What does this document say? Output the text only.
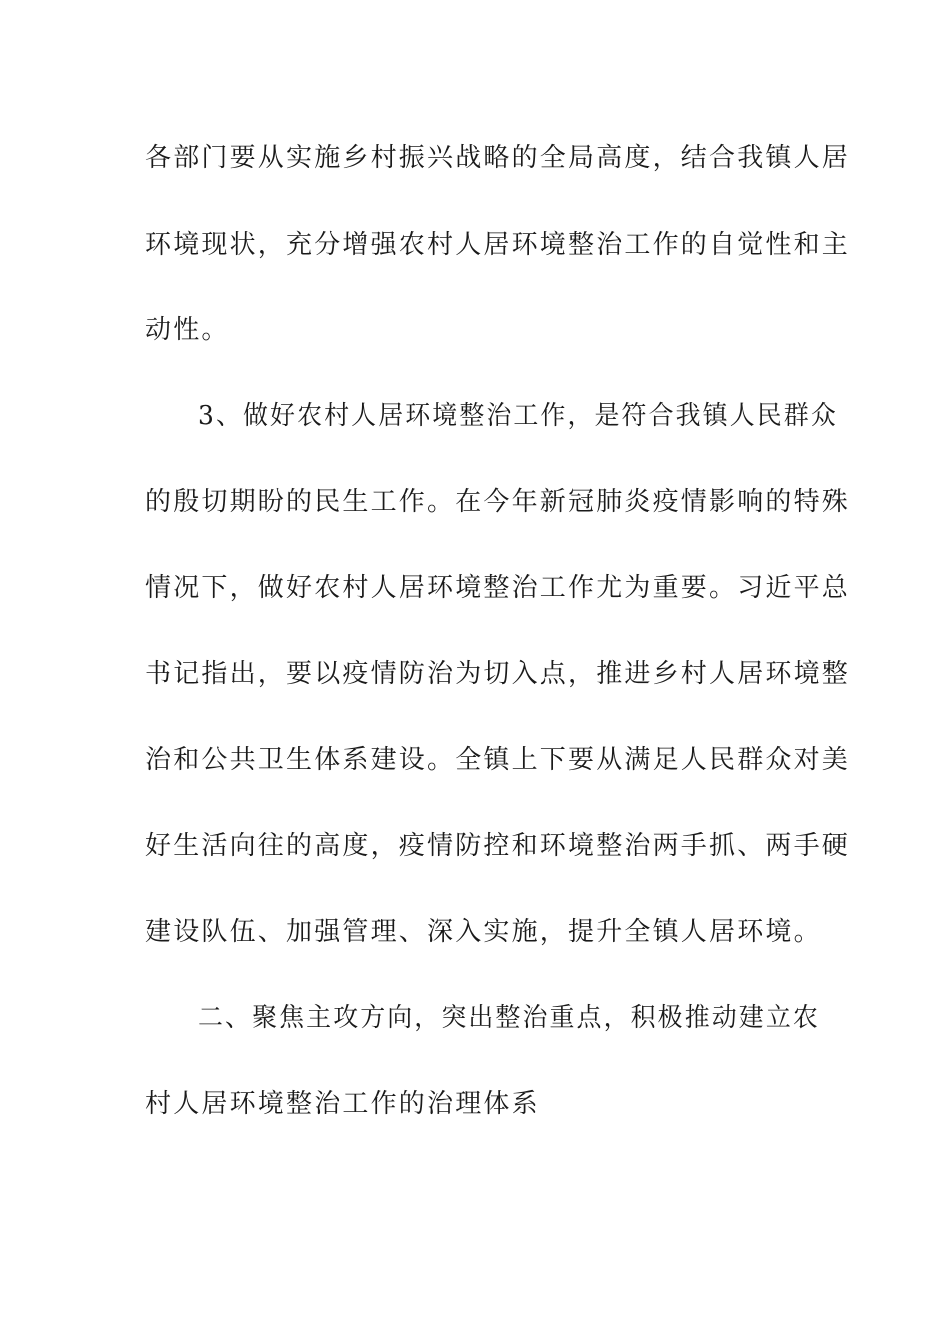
各部门要从实施乡村振兴战略的全局高度，结合我镇人居
环境现状，充分增强农村人居环境整治工作的自觉性和主
动性。
3、做好农村人居环境整治工作，是符合我镇人民群众
的殷切期盼的民生工作。在今年新冠肺炎疫情影响的特殊
情况下，做好农村人居环境整治工作尤为重要。习近平总
书记指出，要以疫情防治为切入点，推进乡村人居环境整
治和公共卫生体系建设。全镇上下要从满足人民群众对美
好生活向往的高度，疫情防控和环境整治两手抓、两手硬
建设队伍、加强管理、深入实施，提升全镇人居环境。
二、聚焦主攻方向，突出整治重点，积极推动建立农
村人居环境整治工作的治理体系
